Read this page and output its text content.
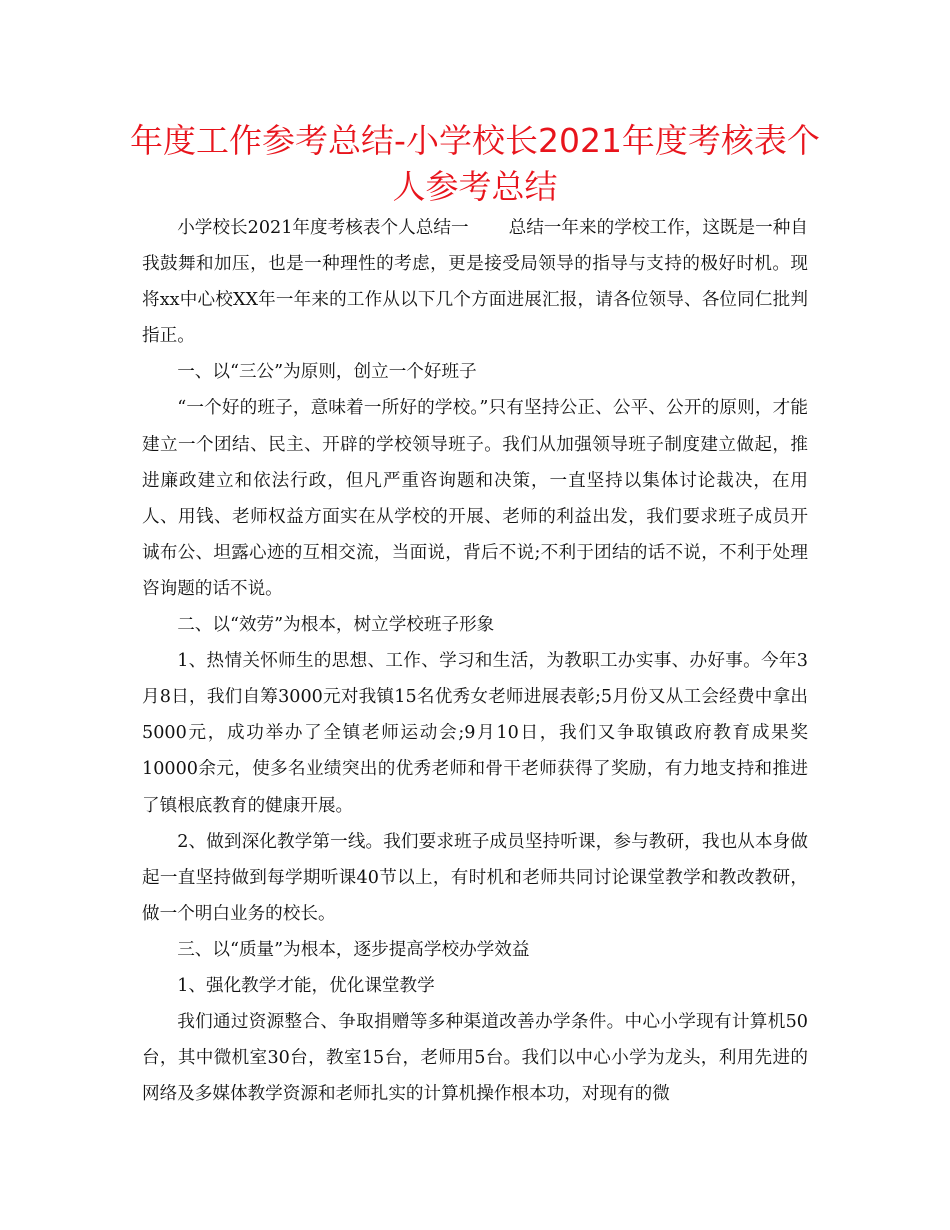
年度工作参考总结-小学校长2021年度考核表个人参考总结

小学校长2021年度考核表个人总结一 总结一年来的学校工作，这既是一种自我鼓舞和加压，也是一种理性的考虑，更是接受局领导的指导与支持的极好时机。现将xx中心校XX年一年来的工作从以下几个方面进展汇报，请各位领导、各位同仁批判指正。

一、以“三公”为原则，创立一个好班子

“一个好的班子，意味着一所好的学校。”只有坚持公正、公平、公开的原则，才能建立一个团结、民主、开辟的学校领导班子。我们从加强领导班子制度建立做起，推进廉政建立和依法行政，但凡严重咨询题和决策，一直坚持以集体讨论裁决，在用人、用钱、老师权益方面实在从学校的开展、老师的利益出发，我们要求班子成员开诚布公、坦露心迹的互相交流，当面说，背后不说;不利于团结的话不说，不利于处理咨询题的话不说。

二、以“效劳”为根本，树立学校班子形象

1、热情关怀师生的思想、工作、学习和生活，为教职工办实事、办好事。今年3月8日，我们自筹3000元对我镇15名优秀女老师进展表彰;5月份又从工会经费中拿出5000元，成功举办了全镇老师运动会;9月10日，我们又争取镇政府教育成果奖10000余元，使多名业绩突出的优秀老师和骨干老师获得了奖励，有力地支持和推进了镇根底教育的健康开展。

2、做到深化教学第一线。我们要求班子成员坚持听课，参与教研，我也从本身做起一直坚持做到每学期听课40节以上，有时机和老师共同讨论课堂教学和教改教研，做一个明白业务的校长。

三、以“质量”为根本，逐步提高学校办学效益

1、强化教学才能，优化课堂教学

我们通过资源整合、争取捐赠等多种渠道改善办学条件。中心小学现有计算机50台，其中微机室30台，教室15台，老师用5台。我们以中心小学为龙头，利用先进的网络及多媒体教学资源和老师扎实的计算机操作根本功，对现有的微
